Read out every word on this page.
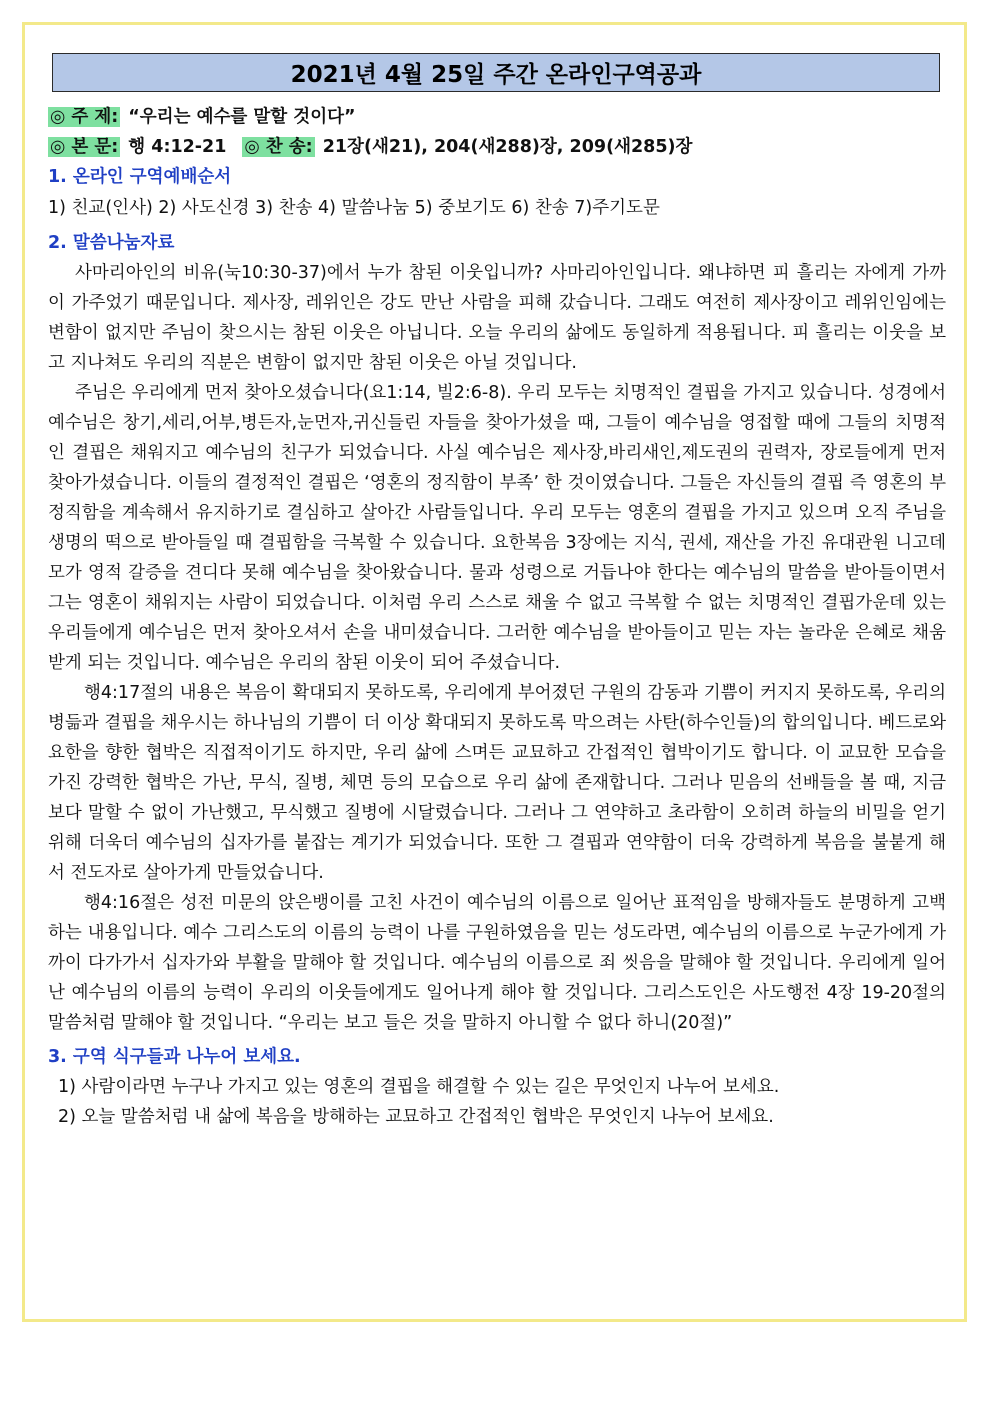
2021년 4월 25일 주간 온라인구역공과
◎ 주 제: “우리는 예수를 말할 것이다”
◎ 본 문: 행 4:12-21 ◎ 찬 송: 21장(새21), 204(새288)장, 209(새285)장
1. 온라인 구역예배순서
1) 친교(인사) 2) 사도신경 3) 찬송 4) 말씀나눔 5) 중보기도 6) 찬송 7)주기도문
2. 말씀나눔자료

사마리아인의 비유(눅10:30-37)에서 누가 참된 이웃입니까? 사마리아인입니다. 왜냐하면 피 흘리는 자에게 가까이 가주었기 때문입니다. 제사장, 레위인은 강도 만난 사람을 피해 갔습니다. 그래도 여전히 제사장이고 레위인임에는 변함이 없지만 주님이 찾으시는 참된 이웃은 아닙니다. 오늘 우리의 삶에도 동일하게 적용됩니다. 피 흘리는 이웃을 보고 지나쳐도 우리의 직분은 변함이 없지만 참된 이웃은 아닐 것입니다.

주님은 우리에게 먼저 찾아오셨습니다(요1:14, 빌2:6-8). 우리 모두는 치명적인 결핍을 가지고 있습니다. 성경에서 예수님은 창기,세리,어부,병든자,눈먼자,귀신들린 자들을 찾아가셨을 때, 그들이 예수님을 영접할 때에 그들의 치명적인 결핍은 채워지고 예수님의 친구가 되었습니다. 사실 예수님은 제사장,바리새인,제도권의 권력자, 장로들에게 먼저 찾아가셨습니다. 이들의 결정적인 결핍은 ‘영혼의 정직함이 부족’ 한 것이였습니다. 그들은 자신들의 결핍 즉 영혼의 부정직함을 계속해서 유지하기로 결심하고 살아간 사람들입니다. 우리 모두는 영혼의 결핍을 가지고 있으며 오직 주님을 생명의 떡으로 받아들일 때 결핍함을 극복할 수 있습니다. 요한복음 3장에는 지식, 권세, 재산을 가진 유대관원 니고데모가 영적 갈증을 견디다 못해 예수님을 찾아왔습니다. 물과 성령으로 거듭나야 한다는 예수님의 말씀을 받아들이면서 그는 영혼이 채워지는 사람이 되었습니다. 이처럼 우리 스스로 채울 수 없고 극복할 수 없는 치명적인 결핍가운데 있는 우리들에게 예수님은 먼저 찾아오셔서 손을 내미셨습니다. 그러한 예수님을 받아들이고 믿는 자는 놀라운 은혜로 채움 받게 되는 것입니다. 예수님은 우리의 참된 이웃이 되어 주셨습니다.

행4:17절의 내용은 복음이 확대되지 못하도록, 우리에게 부어졌던 구원의 감동과 기쁨이 커지지 못하도록, 우리의 병듦과 결핍을 채우시는 하나님의 기쁨이 더 이상 확대되지 못하도록 막으려는 사탄(하수인들)의 합의입니다. 베드로와 요한을 향한 협박은 직접적이기도 하지만, 우리 삶에 스며든 교묘하고 간접적인 협박이기도 합니다. 이 교묘한 모습을 가진 강력한 협박은 가난, 무식, 질병, 체면 등의 모습으로 우리 삶에 존재합니다. 그러나 믿음의 선배들을 볼 때, 지금보다 말할 수 없이 가난했고, 무식했고 질병에 시달렸습니다. 그러나 그 연약하고 초라함이 오히려 하늘의 비밀을 얻기 위해 더욱더 예수님의 십자가를 붙잡는 계기가 되었습니다. 또한 그 결핍과 연약함이 더욱 강력하게 복음을 불붙게 해서 전도자로 살아가게 만들었습니다.

행4:16절은 성전 미문의 앉은뱅이를 고친 사건이 예수님의 이름으로 일어난 표적임을 방해자들도 분명하게 고백하는 내용입니다. 예수 그리스도의 이름의 능력이 나를 구원하였음을 믿는 성도라면, 예수님의 이름으로 누군가에게 가까이 다가가서 십자가와 부활을 말해야 할 것입니다. 예수님의 이름으로 죄 씻음을 말해야 할 것입니다. 우리에게 일어난 예수님의 이름의 능력이 우리의 이웃들에게도 일어나게 해야 할 것입니다. 그리스도인은 사도행전 4장 19-20절의 말씀처럼 말해야 할 것입니다. “우리는 보고 들은 것을 말하지 아니할 수 없다 하니(20절)”

3. 구역 식구들과 나누어 보세요.
1) 사람이라면 누구나 가지고 있는 영혼의 결핍을 해결할 수 있는 길은 무엇인지 나누어 보세요.
2) 오늘 말씀처럼 내 삶에 복음을 방해하는 교묘하고 간접적인 협박은 무엇인지 나누어 보세요.
